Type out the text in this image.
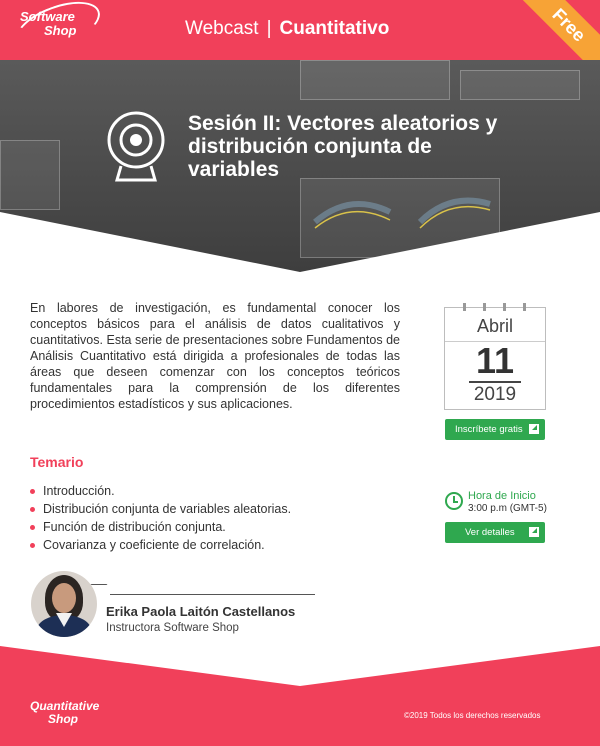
Software
Shop	Webcast | Cuantitativo	Free
Sesión II: Vectores aleatorios y distribución conjunta de variables

En labores de investigación, es fundamental conocer los conceptos básicos para el análisis de datos cualitativos y cuantitativos. Esta serie de presentaciones sobre Fundamentos de Análisis Cuantitativo está dirigida a profesionales de todas las áreas que deseen comenzar con los conceptos teóricos fundamentales para la comprensión de los diferentes procedimientos estadísticos y sus aplicaciones.

Temario
Introducción.
Distribución conjunta de variables aleatorias.
Función de distribución conjunta.
Covarianza y coeficiente de correlación.
Abril
11
2019
Inscríbete gratis
Hora de Inicio
3:00 p.m (GMT-5)
Ver detalles
Erika Paola Laitón Castellanos
Instructora Software Shop
Quantitative
Shop	©2019 Todos los derechos reservados
